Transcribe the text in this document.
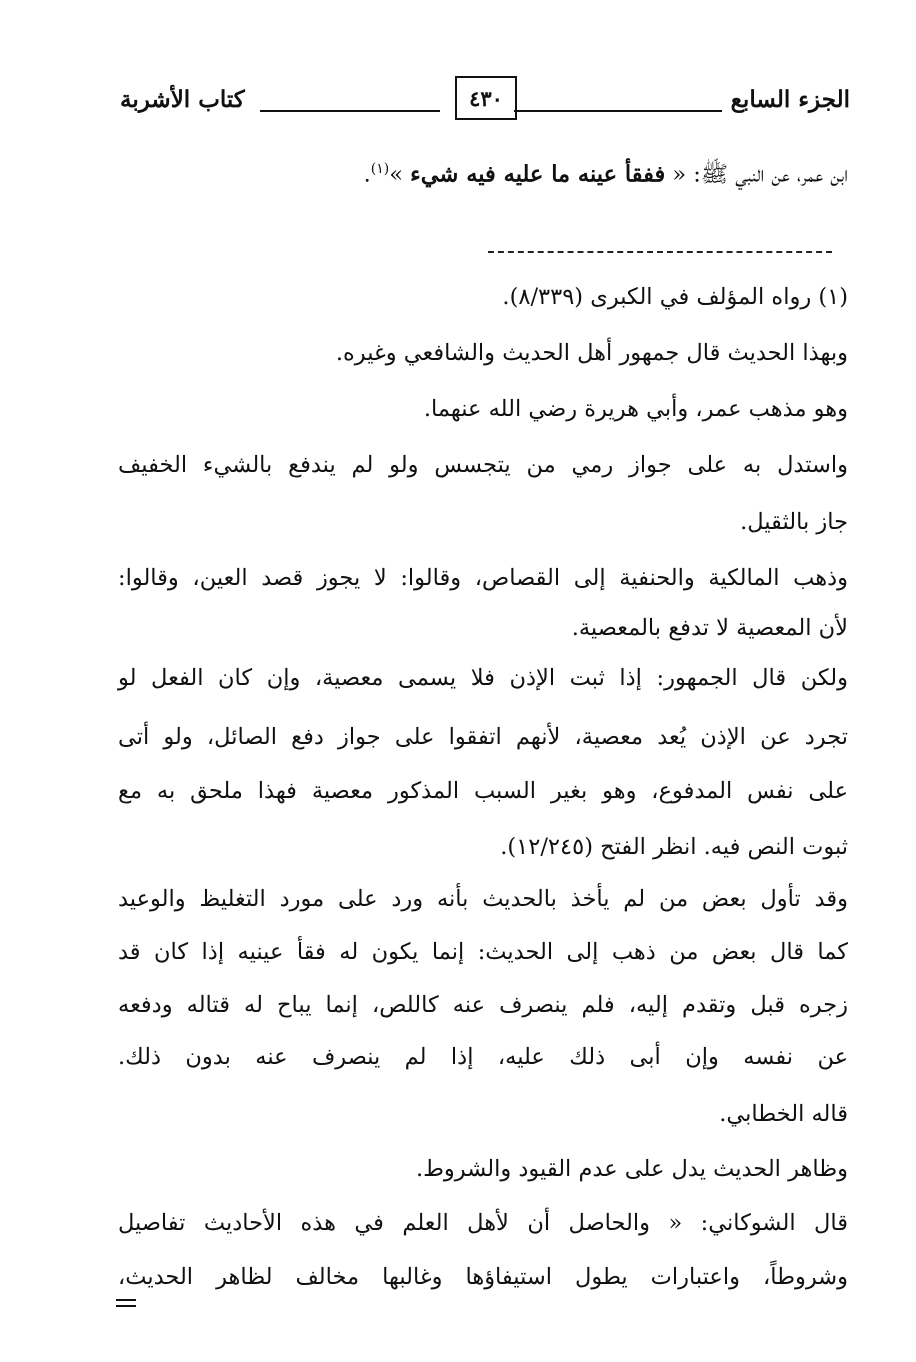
الجزء السابع
٤٣٠
كتاب الأشربة
ابن عمر، عن النبي ﷺ: « ففقأ عينه ما عليه فيه شيء »$^{(١)}$.
(١) رواه المؤلف في الكبرى (٨/٣٣٩).
وبهذا الحديث قال جمهور أهل الحديث والشافعي وغيره.
وهو مذهب عمر، وأبي هريرة رضي الله عنهما.
واستدل به على جواز رمي من يتجسس ولو لم يندفع بالشيء الخفيف
جاز بالثقيل.
وذهب المالكية والحنفية إلى القصاص، وقالوا: لا يجوز قصد العين، وقالوا:
لأن المعصية لا تدفع بالمعصية.
ولكن قال الجمهور: إذا ثبت الإذن فلا يسمى معصية، وإن كان الفعل لو
تجرد عن الإذن يُعد معصية، لأنهم اتفقوا على جواز دفع الصائل، ولو أتى
على نفس المدفوع، وهو بغير السبب المذكور معصية فهذا ملحق به مع
ثبوت النص فيه. انظر الفتح (١٢/٢٤٥).
وقد تأول بعض من لم يأخذ بالحديث بأنه ورد على مورد التغليظ والوعيد
كما قال بعض من ذهب إلى الحديث: إنما يكون له فقأ عينيه إذا كان قد
زجره قبل وتقدم إليه، فلم ينصرف عنه كاللص، إنما يباح له قتاله ودفعه
عن نفسه وإن أبى ذلك عليه، إذا لم ينصرف عنه بدون ذلك.
قاله الخطابي.
وظاهر الحديث يدل على عدم القيود والشروط.
قال الشوكاني: « والحاصل أن لأهل العلم في هذه الأحاديث تفاصيل
وشروطاً، واعتبارات يطول استيفاؤها وغالبها مخالف لظاهر الحديث،
